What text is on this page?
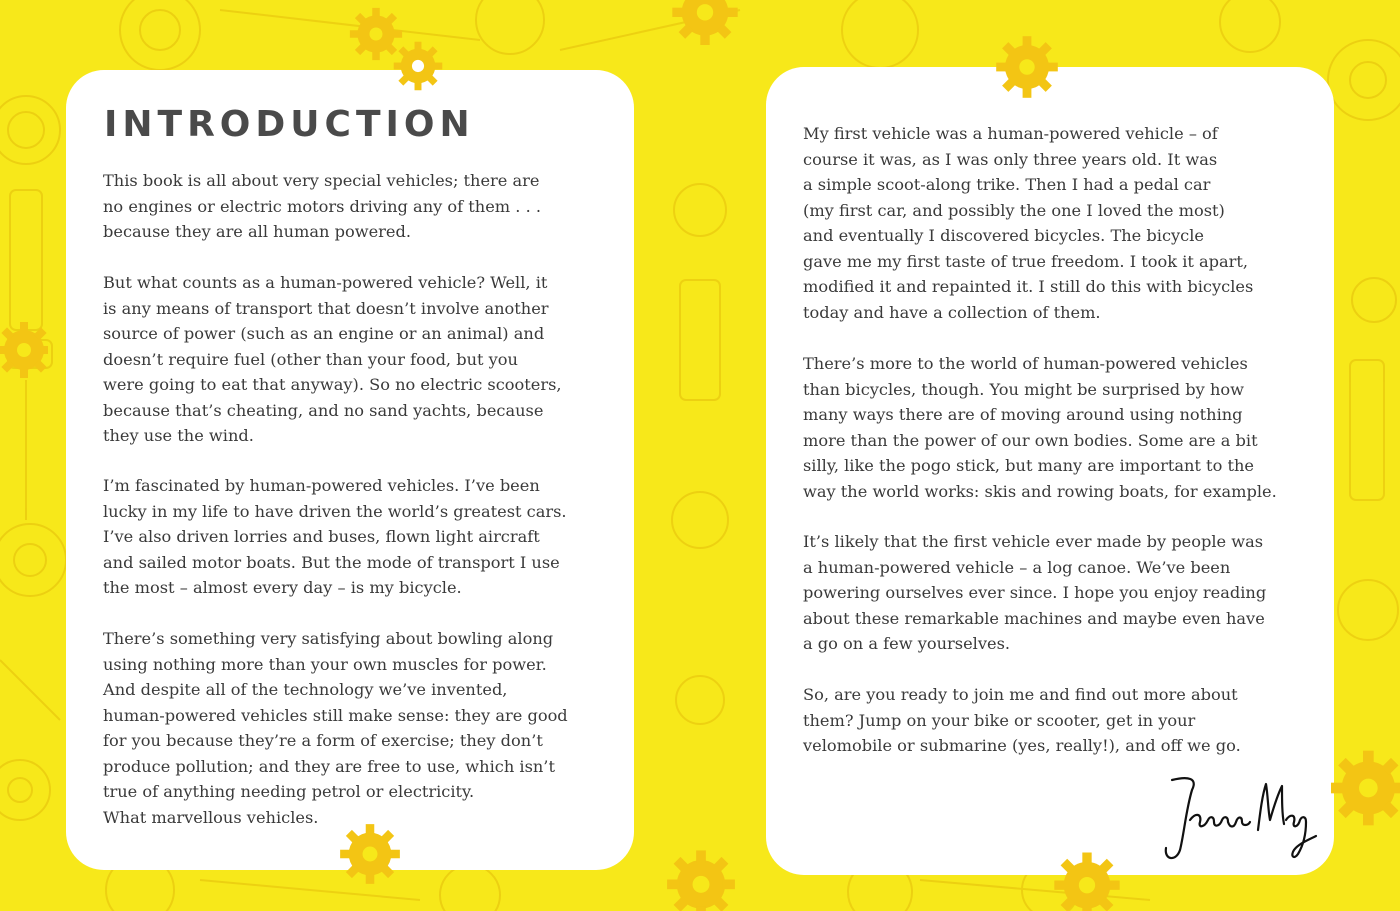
INTRODUCTION

This book is all about very special vehicles; there are
no engines or electric motors driving any of them . . .
because they are all human powered.

But what counts as a human-powered vehicle? Well, it
is any means of transport that doesn’t involve another
source of power (such as an engine or an animal) and
doesn’t require fuel (other than your food, but you
were going to eat that anyway). So no electric scooters,
because that’s cheating, and no sand yachts, because
they use the wind.

I’m fascinated by human-powered vehicles. I’ve been
lucky in my life to have driven the world’s greatest cars.
I’ve also driven lorries and buses, flown light aircraft
and sailed motor boats. But the mode of transport I use
the most – almost every day – is my bicycle.

There’s something very satisfying about bowling along
using nothing more than your own muscles for power.
And despite all of the technology we’ve invented,
human-powered vehicles still make sense: they are good
for you because they’re a form of exercise; they don’t
produce pollution; and they are free to use, which isn’t
true of anything needing petrol or electricity.
What marvellous vehicles.

My first vehicle was a human-powered vehicle – of
course it was, as I was only three years old. It was
a simple scoot-along trike. Then I had a pedal car
(my first car, and possibly the one I loved the most)
and eventually I discovered bicycles. The bicycle
gave me my first taste of true freedom. I took it apart,
modified it and repainted it. I still do this with bicycles
today and have a collection of them.

There’s more to the world of human-powered vehicles
than bicycles, though. You might be surprised by how
many ways there are of moving around using nothing
more than the power of our own bodies. Some are a bit
silly, like the pogo stick, but many are important to the
way the world works: skis and rowing boats, for example.

It’s likely that the first vehicle ever made by people was
a human-powered vehicle – a log canoe. We’ve been
powering ourselves ever since. I hope you enjoy reading
about these remarkable machines and maybe even have
a go on a few yourselves.

So, are you ready to join me and find out more about
them? Jump on your bike or scooter, get in your
velomobile or submarine (yes, really!), and off we go.
